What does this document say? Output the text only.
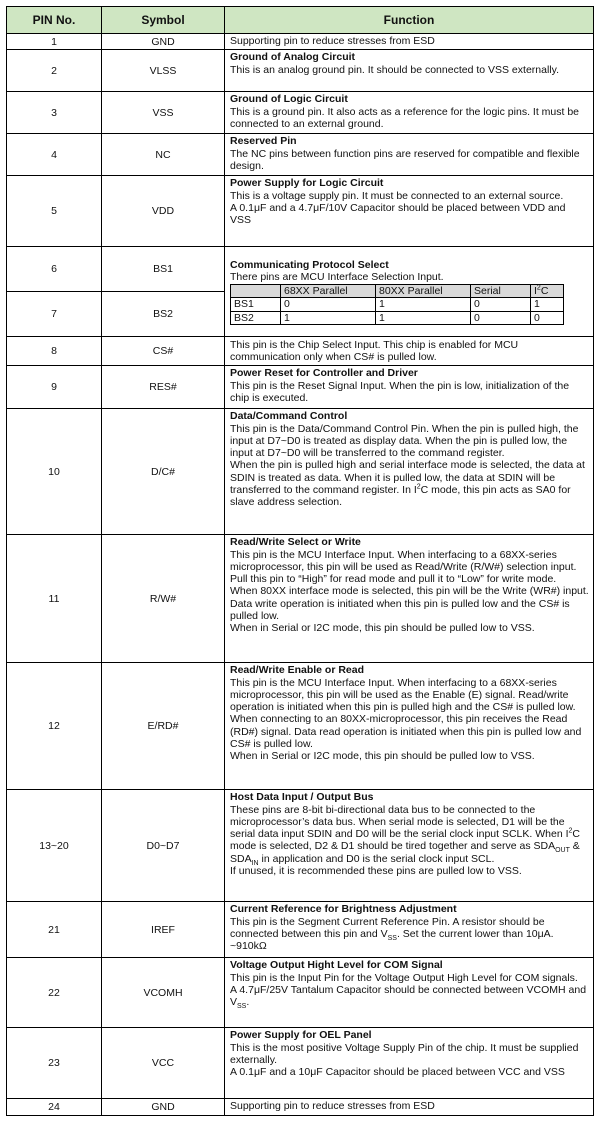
PIN No.	Symbol	Function
1	GND	Supporting pin to reduce stresses from ESD

2	VLSS	
Ground of Analog Circuit
This is an analog ground pin. It should be connected to VSS externally.

3	VSS	
Ground of Logic Circuit
This is a ground pin. It also acts as a reference for the logic pins. It must be connected to an external ground.

4	NC	
Reserved Pin
The NC pins between function pins are reserved for compatible and flexible design.

5	VDD	
Power Supply for Logic Circuit
This is a voltage supply pin. It must be connected to an external source.
A 0.1μF and a 4.7μF/10V Capacitor should be placed between VDD and VSS

6	BS1	Communicating Protocol Select
There pins are MCU Interface Selection Input.
	68XX Parallel	80XX Parallel	Serial	$I^2C$
BS1	0	1	0	1
BS2	1	1	0	0

7	BS2
8	CS#	
This pin is the Chip Select Input. This chip is enabled for MCU communication only when CS# is pulled low.

9	RES#	
Power Reset for Controller and Driver
This pin is the Reset Signal Input. When the pin is low, initialization of the chip is executed.

10	D/C#	
Data/Command Control
This pin is the Data/Command Control Pin. When the pin is pulled high, the input at D7~D0 is treated as display data. When the pin is pulled low, the input at D7~D0 will be transferred to the command register.
When the pin is pulled high and serial interface mode is selected, the data at SDIN is treated as data. When it is pulled low, the data at SDIN will be transferred to the command register. In $I^2C$ mode, this pin acts as SA0 for slave address selection.

11	R/W#	
Read/Write Select or Write
This pin is the MCU Interface Input. When interfacing to a 68XX-series microprocessor, this pin will be used as Read/Write (R/W#) selection input. Pull this pin to “High” for read mode and pull it to “Low” for write mode.
When 80XX interface mode is selected, this pin will be the Write (WR#) input. Data write operation is initiated when this pin is pulled low and the CS# is pulled low.
When in Serial or I2C mode, this pin should be pulled low to VSS.

12	E/RD#	
Read/Write Enable or Read
This pin is the MCU Interface Input. When interfacing to a 68XX-series microprocessor, this pin will be used as the Enable (E) signal. Read/write operation is initiated when this pin is pulled high and the CS# is pulled low.
When connecting to an 80XX-microprocessor, this pin receives the Read (RD#) signal. Data read operation is initiated when this pin is pulled low and CS# is pulled low.
When in Serial or I2C mode, this pin should be pulled low to VSS.

13~20	D0~D7	
Host Data Input / Output Bus
These pins are 8-bit bi-directional data bus to be connected to the microprocessor’s data bus. When serial mode is selected, D1 will be the serial data input SDIN and D0 will be the serial clock input SCLK. When $I^2C$ mode is selected, D2 & D1 should be tired together and serve as $SDA_{OUT}$ & $SDA_{IN}$ in application and D0 is the serial clock input SCL.
If unused, it is recommended these pins are pulled low to VSS.

21	IREF	
Current Reference for Brightness Adjustment
This pin is the Segment Current Reference Pin. A resistor should be connected between this pin and $V_{SS}$. Set the current lower than 10μA. ~910kΩ

22	VCOMH	
Voltage Output Hight Level for COM Signal
This pin is the Input Pin for the Voltage Output High Level for COM signals.
A 4.7μF/25V Tantalum Capacitor should be connected between VCOMH and $V_{SS}$.

23	VCC	
Power Supply for OEL Panel
This is the most positive Voltage Supply Pin of the chip. It must be supplied externally.
A 0.1μF and a 10μF Capacitor should be placed between VCC and VSS

24	GND	Supporting pin to reduce stresses from ESD
